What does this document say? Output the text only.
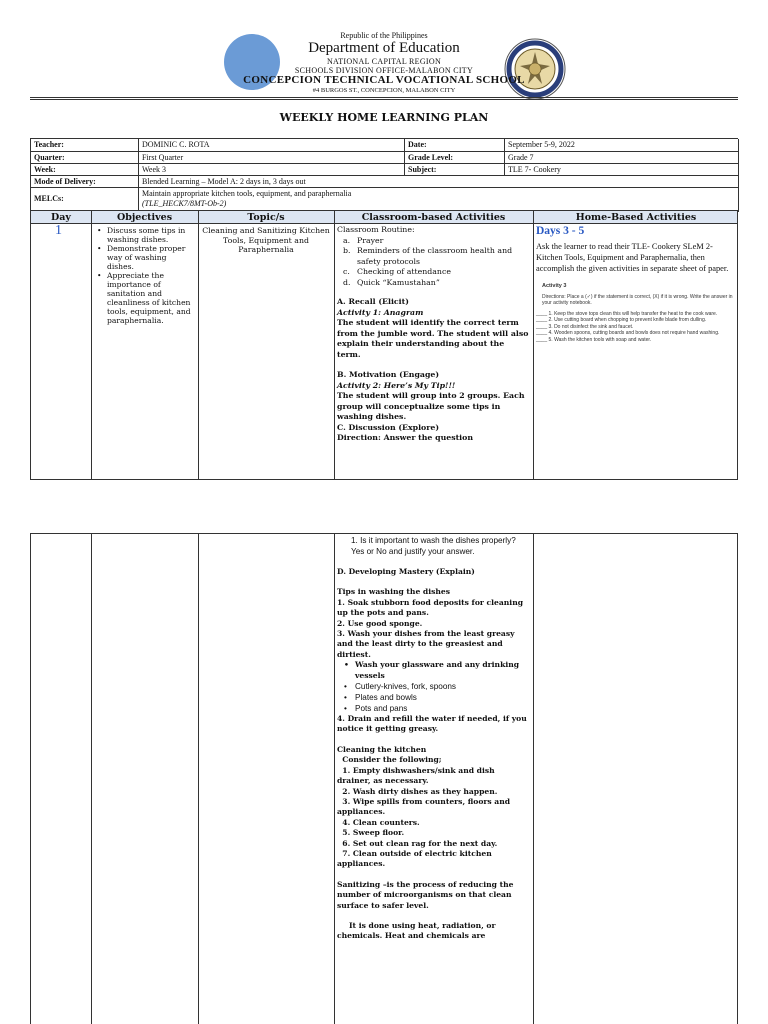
Republic of the Philippines
Department of Education
NATIONAL CAPITAL REGION
SCHOOLS DIVISION OFFICE-MALABON CITY
CONCEPCION TECHNICAL VOCATIONAL SCHOOL
#4 BURGOS ST., CONCEPCION, MALABON CITY
WEEKLY HOME LEARNING PLAN
Teacher:	DOMINIC C. ROTA	Date:	September 5-9, 2022
Quarter:	First Quarter	Grade Level:	Grade 7
Week:	Week 3	Subject:	TLE 7- Cookery
Mode of Delivery:	Blended Learning – Model A: 2 days in, 3 days out
MELCs:
Maintain appropriate kitchen tools, equipment, and paraphernalia
(TLE_HECK7/8MT-Ob-2)
Day	Objectives	Topic/s	Classroom-based Activities	Home-Based Activities
1
•	Discuss some tips in washing dishes.
• Demonstrate proper way of washing dishes.
• Appreciate the importance of sanitation and cleanliness of kitchen tools, equipment, and paraphernalia.
Cleaning and Sanitizing Kitchen Tools, Equipment and Paraphernalia
Classroom Routine:
a. Prayer
b. Reminders of the classroom health and safety protocols
c. Checking of attendance
d. Quick “Kamustahan”
A. Recall (Elicit)
Activity 1: Anagram
The student will identify the correct term from the jumble word. The student will also explain their understanding about the term.
B. Motivation (Engage)
Activity 2: Here’s My Tip!!!
The student will group into 2 groups. Each group will conceptualize some tips in washing dishes.
C. Discussion (Explore)
Direction: Answer the question
Days 3 - 5
Ask the learner to read their TLE- Cookery SLeM 2- Kitchen Tools, Equipment and Paraphernalia, then accomplish the given activities in separate sheet of paper.
Activity 3
Directions: Place a (✓) if the statement is correct, (X) if it is wrong. Write the answer in your activity notebook.
____ 1. Keep the stove tops clean this will help transfer the heat to the cook ware.
____ 2. Use cutting board when chopping to prevent knife blade from dulling.
____ 3. Do not disinfect the sink and faucet.
____ 4. Wooden spoons, cutting boards and bowls does not require hand washing.
____ 5. Wash the kitchen tools with soap and water.
1. Is it important to wash the dishes properly? Yes or No and justify your answer.
D. Developing Mastery (Explain)
Tips in washing the dishes
1. Soak stubborn food deposits for cleaning up the pots and pans.
2. Use good sponge.
3. Wash your dishes from the least greasy and the least dirty to the greasiest and dirtiest.
• Wash your glassware and any drinking vessels
• Cutlery-knives, fork, spoons
• Plates and bowls
• Pots and pans
4. Drain and refill the water if needed, if you notice it getting greasy.
Cleaning the kitchen
Consider the following;
1. Empty dishwashers/sink and dish drainer, as necessary.
2. Wash dirty dishes as they happen.
3. Wipe spills from counters, floors and appliances.
4. Clean counters.
5. Sweep floor.
6. Set out clean rag for the next day.
7. Clean outside of electric kitchen appliances.
Sanitizing –is the process of reducing the number of microorganisms on that clean surface to safer level.
It is done using heat, radiation, or chemicals. Heat and chemicals are
